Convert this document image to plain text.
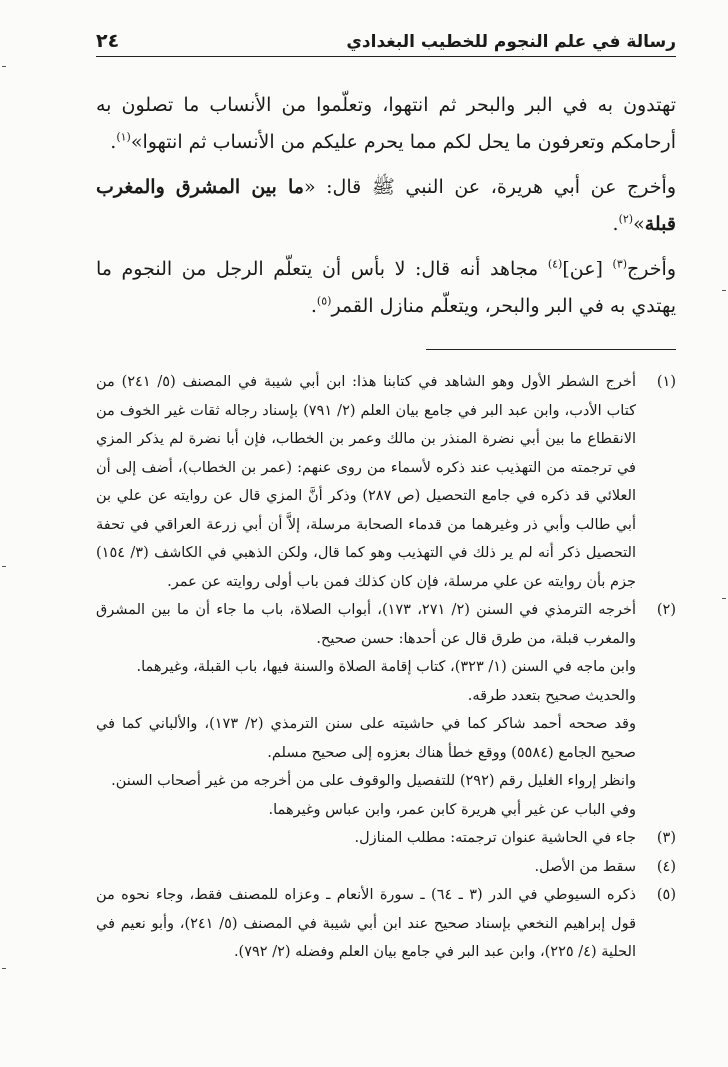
رسالة في علم النجوم للخطيب البغدادي
٢٤

تهتدون به في البر والبحر ثم انتهوا، وتعلّموا من الأنساب ما تصلون به أرحامكم وتعرفون ما يحل لكم مما يحرم عليكم من الأنساب ثم انتهوا»$^{(١)}$.

وأخرج عن أبي هريرة، عن النبي ﷺ قال: «ما بين المشرق والمغرب قبلة»$^{(٢)}$.

وأخرج$^{(٣)}$ [عن]$^{(٤)}$ مجاهد أنه قال: لا بأس أن يتعلّم الرجل من النجوم ما يهتدي به في البر والبحر، ويتعلّم منازل القمر$^{(٥)}$.

(١)

أخرج الشطر الأول وهو الشاهد في كتابنا هذا: ابن أبي شيبة في المصنف (٥/ ٢٤١) من كتاب الأدب، وابن عبد البر في جامع بيان العلم (٢/ ٧٩١) بإسناد رجاله ثقات غير الخوف من الانقطاع ما بين أبي نضرة المنذر بن مالك وعمر بن الخطاب، فإن أبا نضرة لم يذكر المزي في ترجمته من التهذيب عند ذكره لأسماء من روى عنهم: (عمر بن الخطاب)، أضف إلى أن العلائي قد ذكره في جامع التحصيل (ص ٢٨٧) وذكر أنَّ المزي قال عن روايته عن علي بن أبي طالب وأبي ذر وغيرهما من قدماء الصحابة مرسلة، إلاَّ أن أبي زرعة العراقي في تحفة التحصيل ذكر أنه لم ير ذلك في التهذيب وهو كما قال، ولكن الذهبي في الكاشف (٣/ ١٥٤) جزم بأن روايته عن علي مرسلة، فإن كان كذلك فمن باب أولى روايته عن عمر.

(٢)

أخرجه الترمذي في السنن (٢/ ٢٧١، ١٧٣)، أبواب الصلاة، باب ما جاء أن ما بين المشرق والمغرب قبلة، من طرق قال عن أحدها: حسن صحيح.

وابن ماجه في السنن (١/ ٣٢٣)، كتاب إقامة الصلاة والسنة فيها، باب القبلة، وغيرهما.

والحديث صحيح بتعدد طرقه.

وقد صححه أحمد شاكر كما في حاشيته على سنن الترمذي (٢/ ١٧٣)، والألباني كما في صحيح الجامع (٥٥٨٤) ووقع خطأ هناك بعزوه إلى صحيح مسلم.

وانظر إرواء الغليل رقم (٢٩٢) للتفصيل والوقوف على من أخرجه من غير أصحاب السنن.

وفي الباب عن غير أبي هريرة كابن عمر، وابن عباس وغيرهما.

(٣)

جاء في الحاشية عنوان ترجمته: مطلب المنازل.

(٤)

سقط من الأصل.

(٥)

ذكره السيوطي في الدر (٣ ـ ٦٤) ـ سورة الأنعام ـ وعزاه للمصنف فقط، وجاء نحوه من قول إبراهيم النخعي بإسناد صحيح عند ابن أبي شيبة في المصنف (٥/ ٢٤١)، وأبو نعيم في الحلية (٤/ ٢٢٥)، وابن عبد البر في جامع بيان العلم وفضله (٢/ ٧٩٢).
